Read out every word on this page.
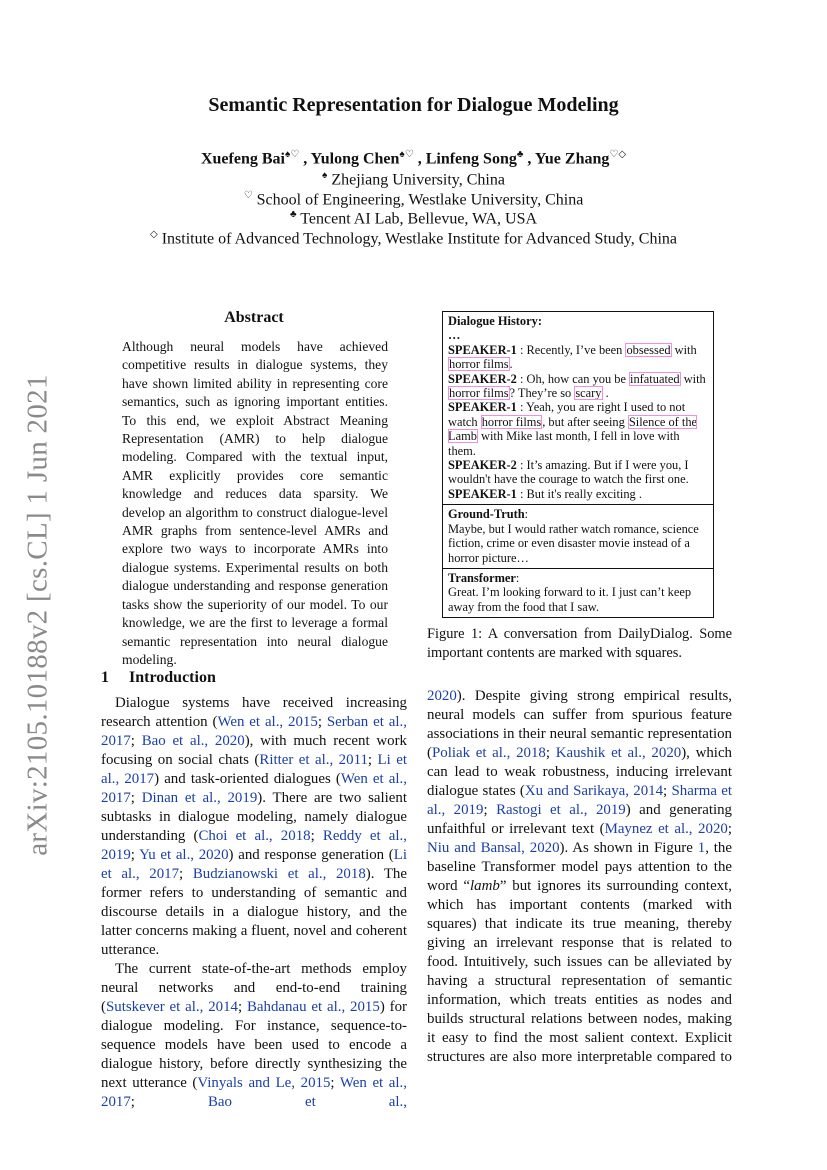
arXiv:2105.10188v2 [cs.CL] 1 Jun 2021
Semantic Representation for Dialogue Modeling
Xuefeng Bai♠♡ , Yulong Chen♠♡ , Linfeng Song♣ , Yue Zhang♡◇
♠ Zhejiang University, China
♡ School of Engineering, Westlake University, China
♣ Tencent AI Lab, Bellevue, WA, USA
◇ Institute of Advanced Technology, Westlake Institute for Advanced Study, China
Abstract
Although neural models have achieved competitive results in dialogue systems, they have shown limited ability in representing core semantics, such as ignoring important entities. To this end, we exploit Abstract Meaning Representation (AMR) to help dialogue modeling. Compared with the textual input, AMR explicitly provides core semantic knowledge and reduces data sparsity. We develop an algorithm to construct dialogue-level AMR graphs from sentence-level AMRs and explore two ways to incorporate AMRs into dialogue systems. Experimental results on both dialogue understanding and response generation tasks show the superiority of our model. To our knowledge, we are the first to leverage a formal semantic representation into neural dialogue modeling.
1 Introduction

Dialogue systems have received increasing research attention (Wen et al., 2015; Serban et al., 2017; Bao et al., 2020), with much recent work focusing on social chats (Ritter et al., 2011; Li et al., 2017) and task-oriented dialogues (Wen et al., 2017; Dinan et al., 2019). There are two salient subtasks in dialogue modeling, namely dialogue understanding (Choi et al., 2018; Reddy et al., 2019; Yu et al., 2020) and response generation (Li et al., 2017; Budzianowski et al., 2018). The former refers to understanding of semantic and discourse details in a dialogue history, and the latter concerns making a fluent, novel and coherent utterance.

The current state-of-the-art methods employ neural networks and end-to-end training (Sutskever et al., 2014; Bahdanau et al., 2015) for dialogue modeling. For instance, sequence-to-sequence models have been used to encode a dialogue history, before directly synthesizing the next utterance (Vinyals and Le, 2015; Wen et al., 2017; Bao et al.,

2020). Despite giving strong empirical results, neural models can suffer from spurious feature associations in their neural semantic representation (Poliak et al., 2018; Kaushik et al., 2020), which can lead to weak robustness, inducing irrelevant dialogue states (Xu and Sarikaya, 2014; Sharma et al., 2019; Rastogi et al., 2019) and generating unfaithful or irrelevant text (Maynez et al., 2020; Niu and Bansal, 2020). As shown in Figure 1, the baseline Transformer model pays attention to the word “lamb” but ignores its surrounding context, which has important contents (marked with squares) that indicate its true meaning, thereby giving an irrelevant response that is related to food. Intuitively, such issues can be alleviated by having a structural representation of semantic information, which treats entities as nodes and builds structural relations between nodes, making it easy to find the most salient context. Explicit structures are also more interpretable compared to

Dialogue History:
…
SPEAKER-1 : Recently, I’ve been obsessed with horror films.
SPEAKER-2 : Oh, how can you be infatuated with horror films? They’re so scary .
SPEAKER-1 : Yeah, you are right I used to not watch horror films, but after seeing Silence of the Lamb with Mike last month, I fell in love with them.
SPEAKER-2 : It’s amazing. But if I were you, I wouldn't have the courage to watch the first one.
SPEAKER-1 : But it's really exciting .
Ground-Truth:
Maybe, but I would rather watch romance, science fiction, crime or even disaster movie instead of a horror picture…
Transformer:
Great. I’m looking forward to it. I just can’t keep away from the food that I saw.
Figure 1: A conversation from DailyDialog. Some important contents are marked with squares.
